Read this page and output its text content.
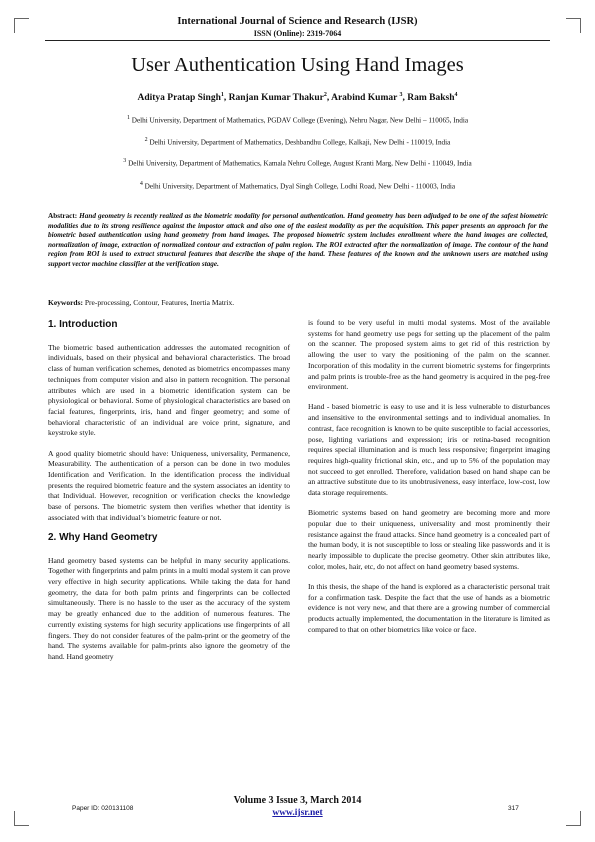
International Journal of Science and Research (IJSR)
ISSN (Online): 2319-7064
User Authentication Using Hand Images
Aditya Pratap Singh$^1$, Ranjan Kumar Thakur$^2$, Arabind Kumar $^3$, Ram Baksh$^4$
$^1$ Delhi University, Department of Mathematics, PGDAV College (Evening), Nehru Nagar, New Delhi – 110065, India
$^2$ Delhi University, Department of Mathematics, Deshbandhu College, Kalkaji, New Delhi - 110019, India
$^3$ Delhi University, Department of Mathematics, Kamala Nehru College, August Kranti Marg, New Delhi - 110049, India
$^4$ Delhi University, Department of Mathematics, Dyal Singh College, Lodhi Road, New Delhi - 110003, India
Abstract: Hand geometry is recently realized as the biometric modality for personal authentication. Hand geometry has been adjudged to be one of the safest biometric modalities due to its strong resilience against the impostor attack and also one of the easiest modality as per the acquisition. This paper presents an approach for the biometric based authentication using hand geometry from hand images. The proposed biometric system includes enrollment where the hand images are collected, normalization of image, extraction of normalized contour and extraction of palm region. The ROI extracted after the normalization of image. The contour of the hand region from ROI is used to extract structural features that describe the shape of the hand. These features of the known and the unknown users are matched using support vector machine classifier at the verification stage.
Keywords: Pre-processing, Contour, Features, Inertia Matrix.
1. Introduction

The biometric based authentication addresses the automated recognition of individuals, based on their physical and behavioral characteristics. The broad class of human verification schemes, denoted as biometrics encompasses many techniques from computer vision and also in pattern recognition. The personal attributes which are used in a biometric identification system can be physiological or behavioral. Some of physiological characteristics are based on facial features, fingerprints, iris, hand and finger geometry; and some of behavioral characteristic of an individual are voice print, signature, and keystroke style.

A good quality biometric should have: Uniqueness, universality, Permanence, Measurability. The authentication of a person can be done in two modules Identification and Verification. In the identification process the individual presents the required biometric feature and the system associates an identity to that Individual. However, recognition or verification checks the knowledge base of persons. The biometric system then verifies whether that identity is associated with that individual’s biometric feature or not.

2. Why Hand Geometry

Hand geometry based systems can be helpful in many security applications. Together with fingerprints and palm prints in a multi modal system it can prove very effective in high security applications. While taking the data for hand geometry, the data for both palm prints and fingerprints can be collected simultaneously. There is no hassle to the user as the accuracy of the system may be greatly enhanced due to the addition of numerous features. The currently existing systems for high security applications use fingerprints of all fingers. They do not consider features of the palm-print or the geometry of the hand. The systems available for palm-prints also ignore the geometry of the hand. Hand geometry

is found to be very useful in multi modal systems. Most of the available systems for hand geometry use pegs for setting up the placement of the palm on the scanner. The proposed system aims to get rid of this restriction by allowing the user to vary the positioning of the palm on the scanner. Incorporation of this modality in the current biometric systems for fingerprints and palm prints is trouble-free as the hand geometry is acquired in the peg-free environment.

Hand - based biometric is easy to use and it is less vulnerable to disturbances and insensitive to the environmental settings and to individual anomalies. In contrast, face recognition is known to be quite susceptible to facial accessories, pose, lighting variations and expression; iris or retina-based recognition requires special illumination and is much less responsive; fingerprint imaging requires high-quality frictional skin, etc., and up to 5% of the population may not succeed to get enrolled. Therefore, validation based on hand shape can be an attractive substitute due to its unobtrusiveness, easy interface, low-cost, low data storage requirements.

Biometric systems based on hand geometry are becoming more and more popular due to their uniqueness, universality and most prominently their resistance against the fraud attacks. Since hand geometry is a concealed part of the human body, it is not susceptible to loss or stealing like passwords and it is nearly impossible to duplicate the precise geometry. Other skin attributes like, color, moles, hair, etc, do not affect on hand geometry based systems.

In this thesis, the shape of the hand is explored as a characteristic personal trait for a confirmation task. Despite the fact that the use of hands as a biometric evidence is not very new, and that there are a growing number of commercial products actually implemented, the documentation in the literature is limited as compared to that on other biometrics like voice or face.

Paper ID: 020131108
Volume 3 Issue 3, March 2014
www.ijsr.net	317
